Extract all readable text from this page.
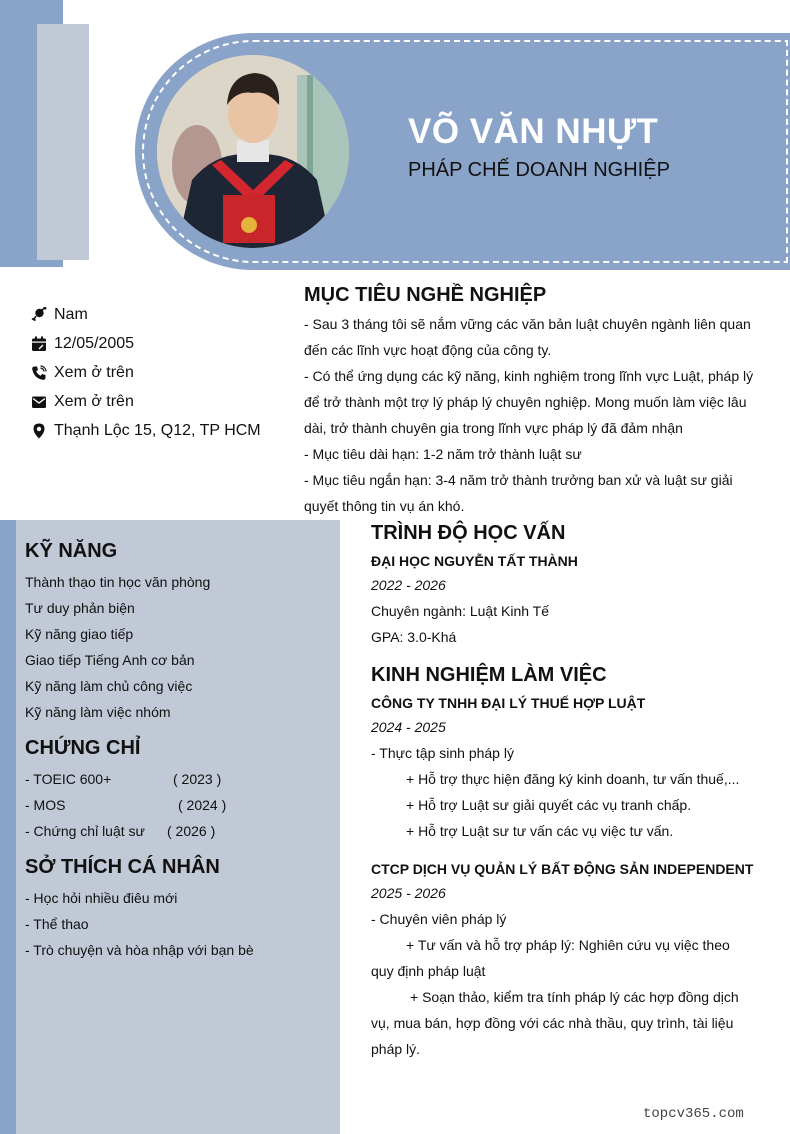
VÕ VĂN NHỰT
PHÁP CHẾ DOANH NGHIỆP
Nam
12/05/2005
Xem ở trên
Xem ở trên
Thạnh Lộc 15, Q12, TP HCM
MỤC TIÊU NGHỀ NGHIỆP

- Sau 3 tháng tôi sẽ nắm vững các văn bản luật chuyên ngành liên quan đến các lĩnh vực hoạt động của công ty.

- Có thể ứng dụng các kỹ năng, kinh nghiệm trong lĩnh vực Luật, pháp lý để trở thành một trợ lý pháp lý chuyên nghiệp. Mong muốn làm việc lâu dài, trở thành chuyên gia trong lĩnh vực pháp lý đã đảm nhận

- Mục tiêu dài hạn: 1-2 năm trở thành luật sư

- Mục tiêu ngắn hạn: 3-4 năm trở thành trưởng ban xử và luật sư giải quyết thông tin vụ án khó.

KỸ NĂNG
Thành thạo tin học văn phòng
Tư duy phản biện
Kỹ năng giao tiếp
Giao tiếp Tiếng Anh cơ bản
Kỹ năng làm chủ công việc
Kỹ năng làm việc nhóm
CHỨNG CHỈ
- TOEIC 600+	( 2023 )
- MOS	( 2024 )
- Chứng chỉ luật sư	( 2026 )
SỞ THÍCH CÁ NHÂN
- Học hỏi nhiều điêu mới
- Thể thao
- Trò chuyện và hòa nhập với bạn bè
TRÌNH ĐỘ HỌC VẤN
ĐẠI HỌC NGUYỄN TẤT THÀNH
2022 - 2026
Chuyên ngành: Luật Kinh Tế
GPA: 3.0-Khá
KINH NGHIỆM LÀM VIỆC
CÔNG TY TNHH ĐẠI LÝ THUẾ HỢP LUẬT
2024 - 2025
- Thực tập sinh pháp lý
+ Hỗ trợ thực hiện đăng ký kinh doanh, tư vấn thuế,...
+ Hỗ trợ Luật sư giải quyết các vụ tranh chấp.
+ Hỗ trợ Luật sư tư vấn các vụ việc tư vấn.
CTCP DỊCH VỤ QUẢN LÝ BẤT ĐỘNG SẢN INDEPENDENT
2025 - 2026
- Chuyên viên pháp lý
+ Tư vấn và hỗ trợ pháp lý: Nghiên cứu vụ việc theo
quy định pháp luật
+ Soạn thảo, kiểm tra tính pháp lý các hợp đồng dịch
vụ, mua bán, hợp đồng với các nhà thầu, quy trình, tài liệu
pháp lý.
topcv365.com
